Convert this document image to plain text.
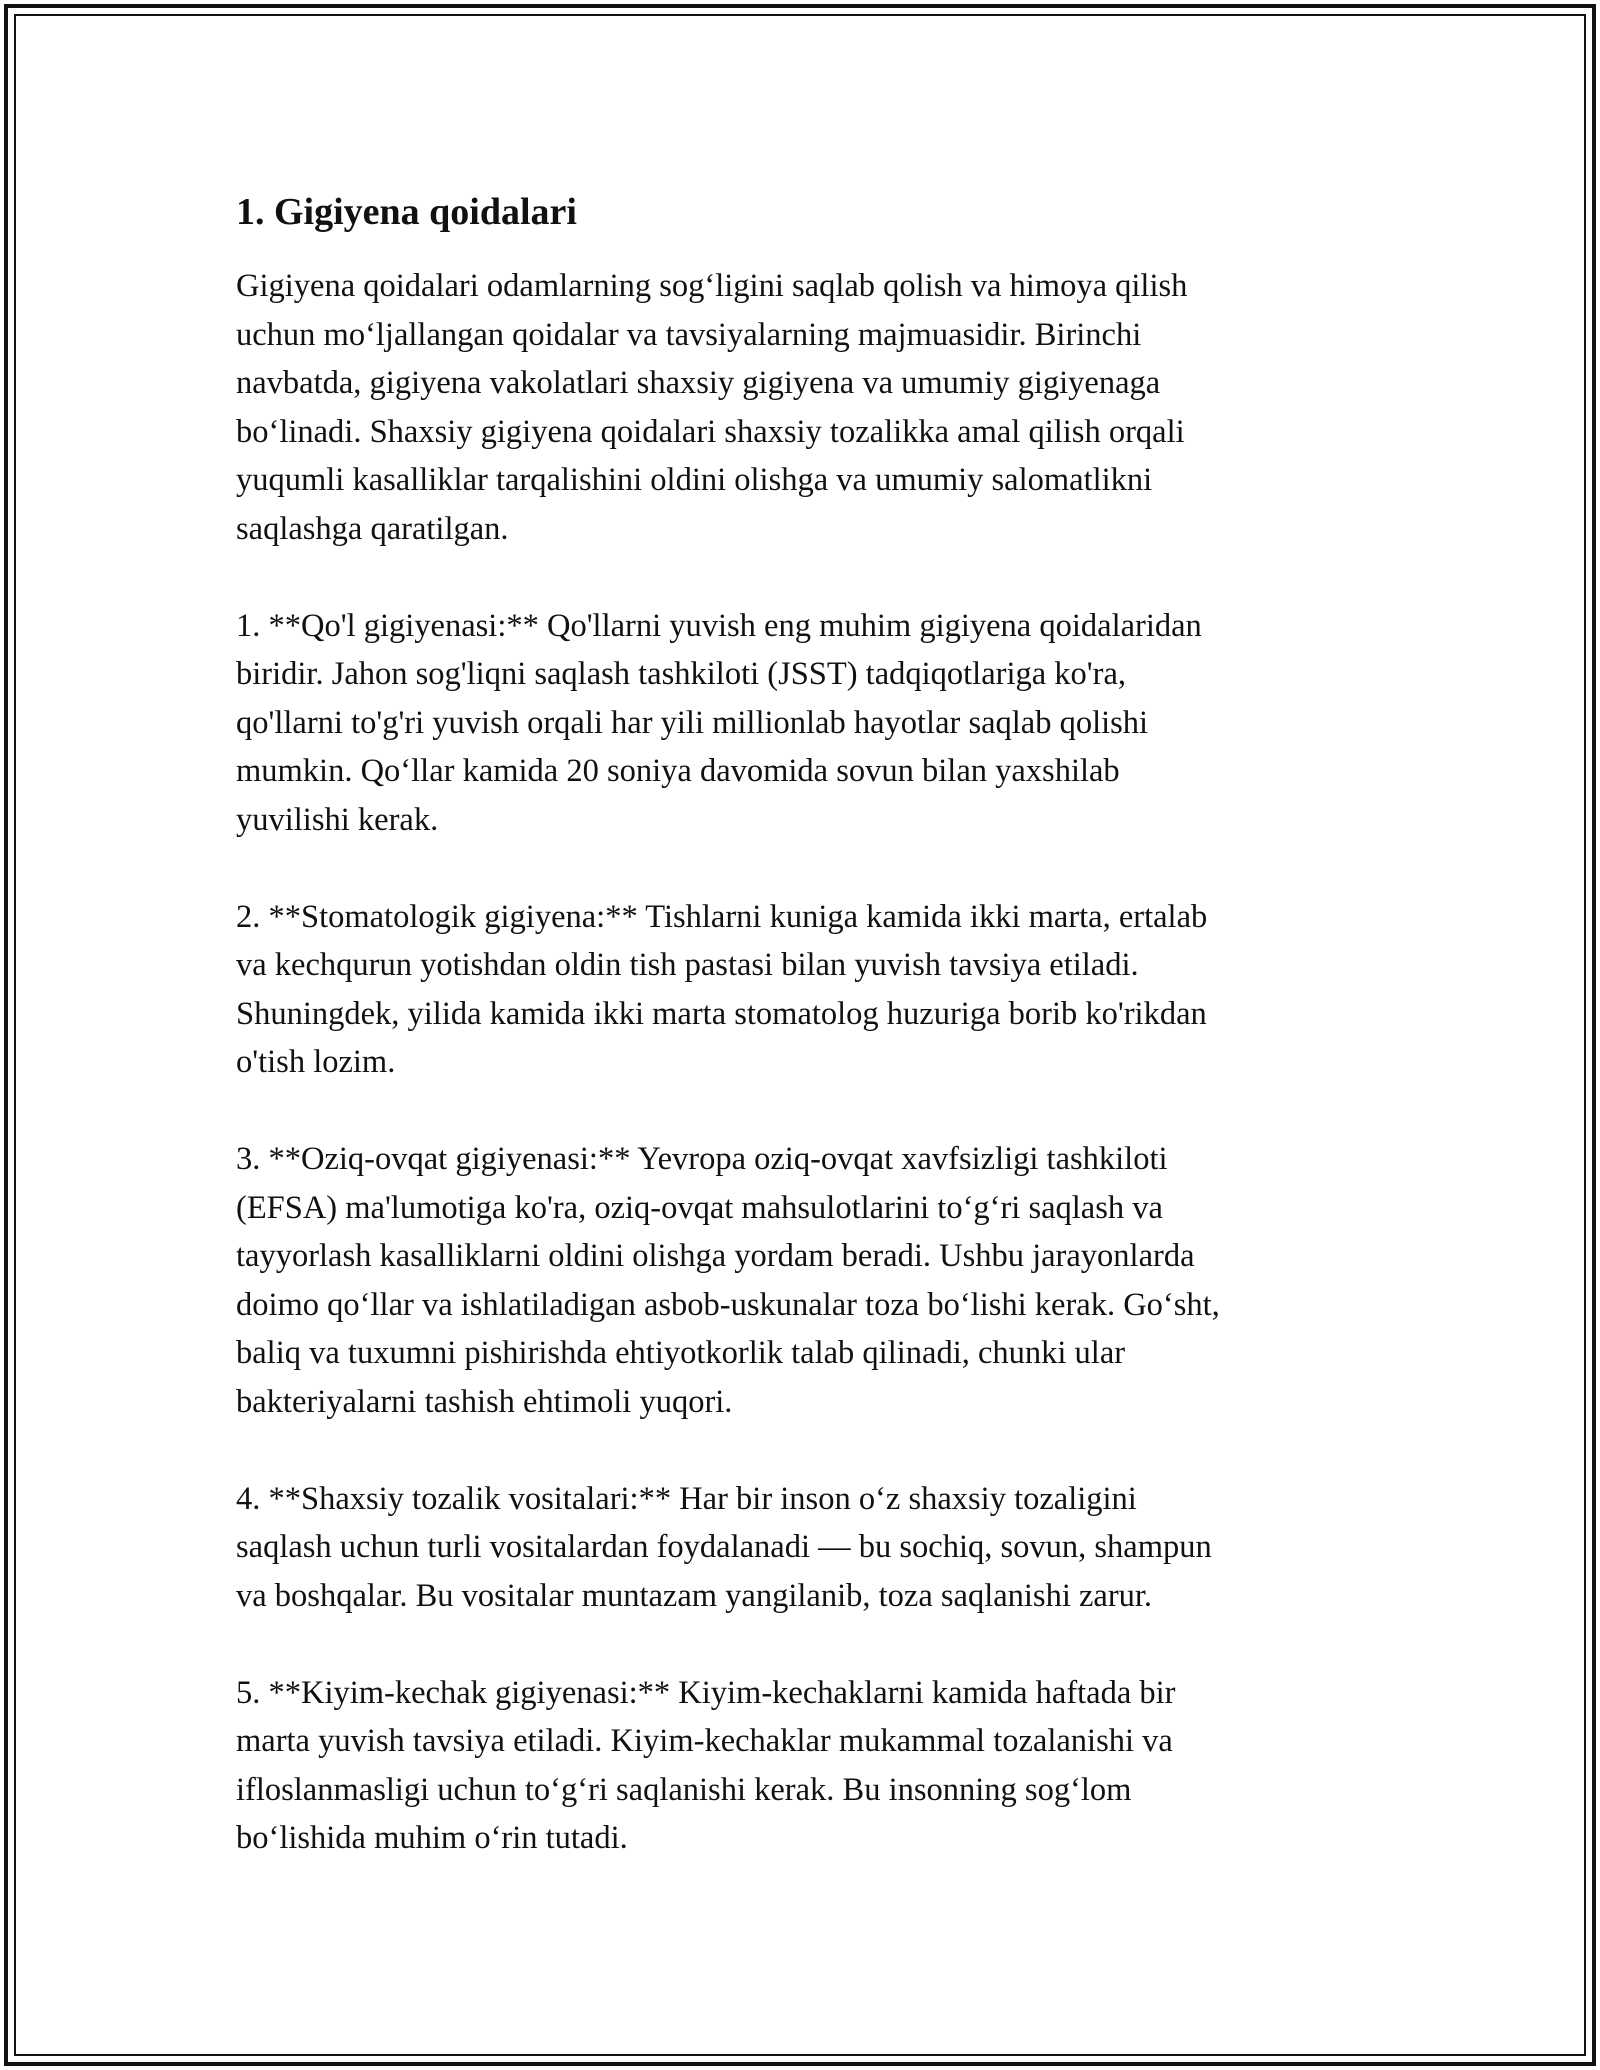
1. Gigiyena qoidalari

Gigiyena qoidalari odamlarning sog‘ligini saqlab qolish va himoya qilish
uchun mo‘ljallangan qoidalar va tavsiyalarning majmuasidir. Birinchi
navbatda, gigiyena vakolatlari shaxsiy gigiyena va umumiy gigiyenaga
bo‘linadi. Shaxsiy gigiyena qoidalari shaxsiy tozalikka amal qilish orqali
yuqumli kasalliklar tarqalishini oldini olishga va umumiy salomatlikni
saqlashga qaratilgan.

1. **Qo'l gigiyenasi:** Qo'llarni yuvish eng muhim gigiyena qoidalaridan
biridir. Jahon sog'liqni saqlash tashkiloti (JSST) tadqiqotlariga ko'ra,
qo'llarni to'g'ri yuvish orqali har yili millionlab hayotlar saqlab qolishi
mumkin. Qo‘llar kamida 20 soniya davomida sovun bilan yaxshilab
yuvilishi kerak.

2. **Stomatologik gigiyena:** Tishlarni kuniga kamida ikki marta, ertalab
va kechqurun yotishdan oldin tish pastasi bilan yuvish tavsiya etiladi.
Shuningdek, yilida kamida ikki marta stomatolog huzuriga borib ko'rikdan
o'tish lozim.

3. **Oziq-ovqat gigiyenasi:** Yevropa oziq-ovqat xavfsizligi tashkiloti
(EFSA) ma'lumotiga ko'ra, oziq-ovqat mahsulotlarini to‘g‘ri saqlash va
tayyorlash kasalliklarni oldini olishga yordam beradi. Ushbu jarayonlarda
doimo qo‘llar va ishlatiladigan asbob-uskunalar toza bo‘lishi kerak. Go‘sht,
baliq va tuxumni pishirishda ehtiyotkorlik talab qilinadi, chunki ular
bakteriyalarni tashish ehtimoli yuqori.

4. **Shaxsiy tozalik vositalari:** Har bir inson o‘z shaxsiy tozaligini
saqlash uchun turli vositalardan foydalanadi — bu sochiq, sovun, shampun
va boshqalar. Bu vositalar muntazam yangilanib, toza saqlanishi zarur.

5. **Kiyim-kechak gigiyenasi:** Kiyim-kechaklarni kamida haftada bir
marta yuvish tavsiya etiladi. Kiyim-kechaklar mukammal tozalanishi va
ifloslanmasligi uchun to‘g‘ri saqlanishi kerak. Bu insonning sog‘lom
bo‘lishida muhim o‘rin tutadi.
